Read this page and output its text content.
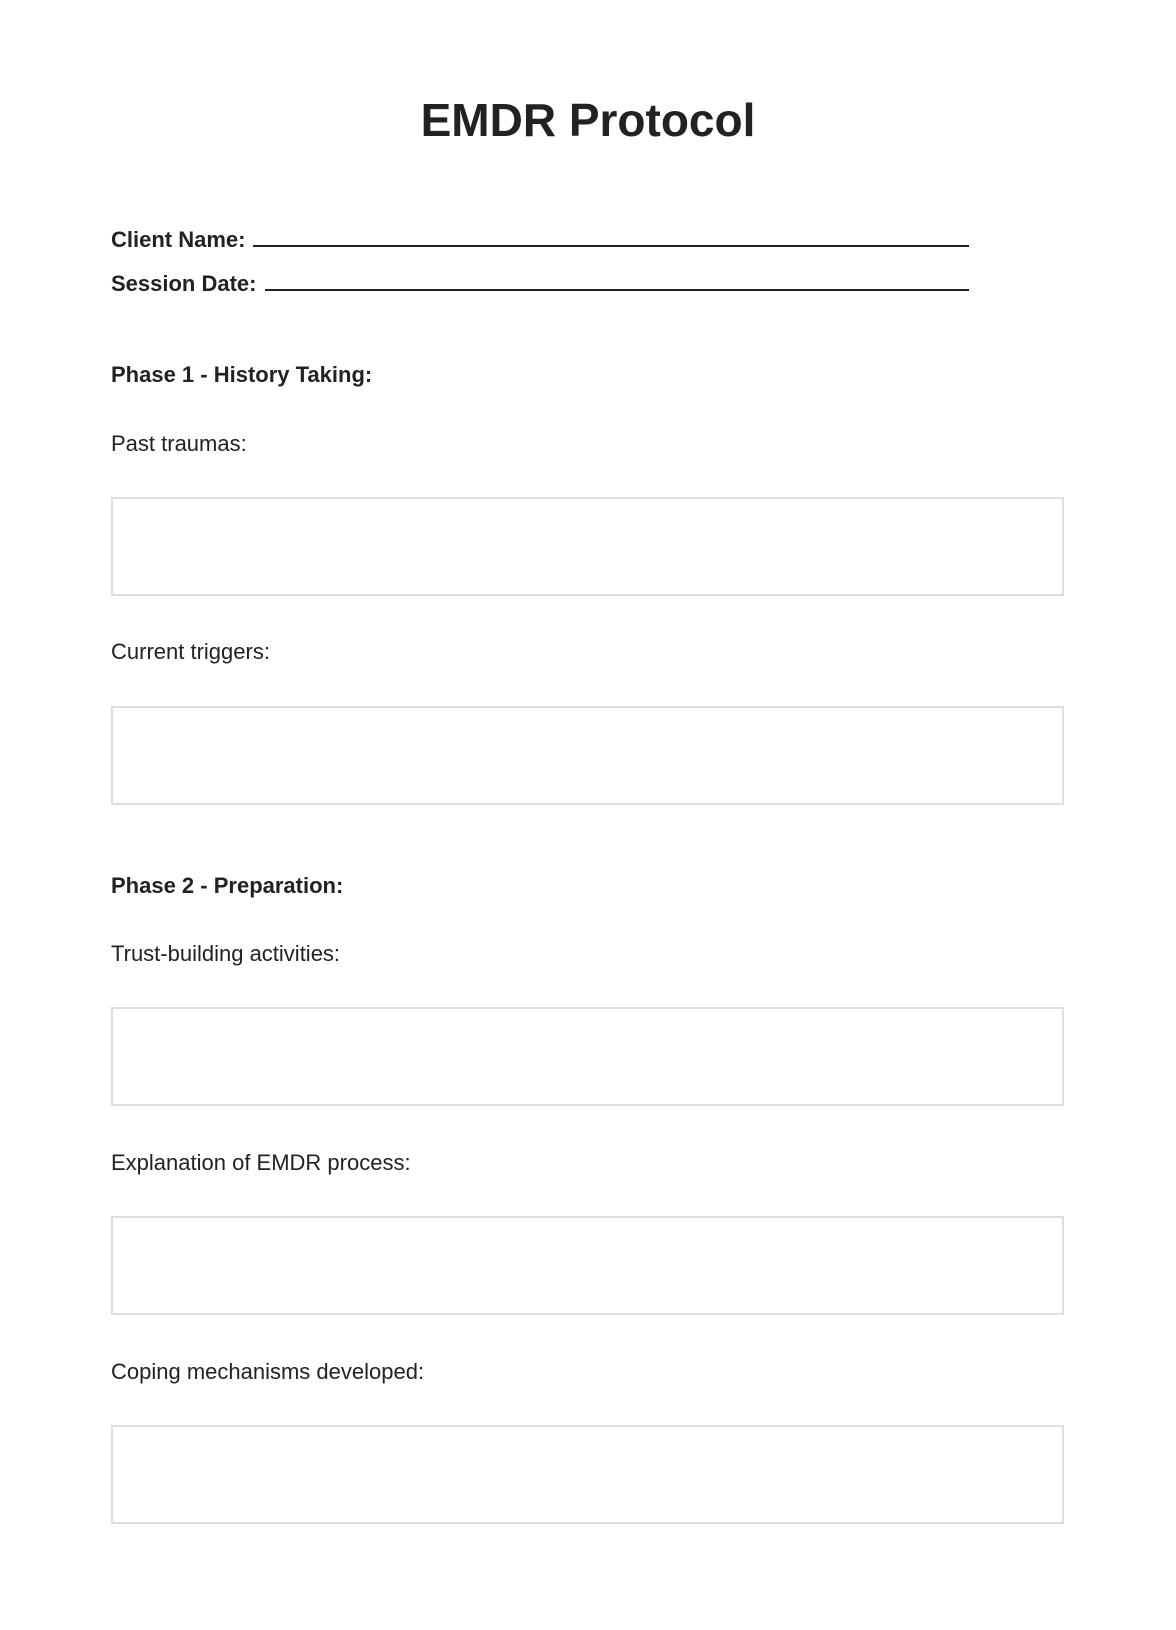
EMDR Protocol
Client Name:
Session Date:
Phase 1 - History Taking:

Past traumas:

Current triggers:

Phase 2 - Preparation:

Trust-building activities:

Explanation of EMDR process:

Coping mechanisms developed:
